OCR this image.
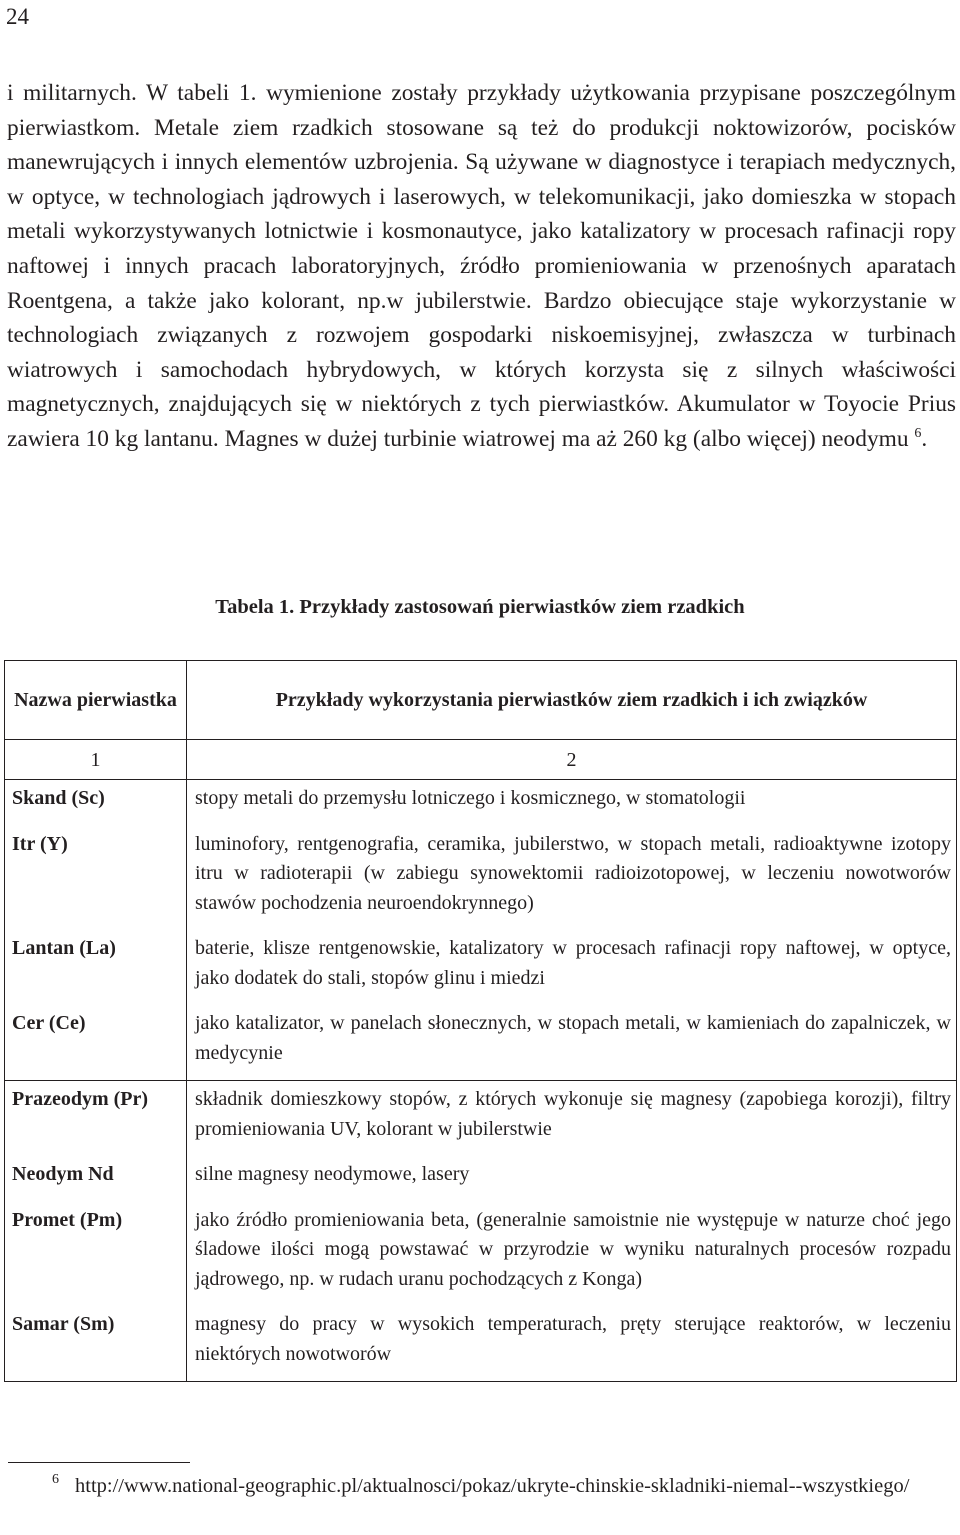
24

i militarnych. W tabeli 1. wymienione zostały przykłady użytkowania przypisane poszczególnym pierwiastkom. Metale ziem rzadkich stosowane są też do produkcji noktowizorów, pocisków manewrujących i innych elementów uzbrojenia. Są używane w diagnostyce i terapiach medycznych, w optyce, w technologiach jądrowych i laserowych, w telekomunikacji, jako domieszka w stopach metali wykorzystywanych lotnictwie i kosmonautyce, jako katalizatory w procesach rafinacji ropy naftowej i innych pracach laboratoryjnych, źródło promieniowania w przenośnych aparatach Roentgena, a także jako kolorant, np.w jubilerstwie. Bardzo obiecujące staje wykorzystanie w technologiach związanych z rozwojem gospodarki niskoemisyjnej, zwłaszcza w turbinach wiatrowych i samochodach hybrydowych, w których korzysta się z silnych właściwości magnetycznych, znajdujących się w niektórych z tych pierwiastków. Akumulator w Toyocie Prius zawiera 10 kg lantanu. Magnes w dużej turbinie wiatrowej ma aż 260 kg (albo więcej) neodymu $^6$.

Tabela 1. Przykłady zastosowań pierwiastków ziem rzadkich
Nazwa pierwiastka	Przykłady wykorzystania pierwiastków ziem rzadkich i ich związków
1	2
Skand (Sc)	stopy metali do przemysłu lotniczego i kosmicznego, w stomatologii
Itr (Y)	luminofory, rentgenografia, ceramika, jubilerstwo, w stopach metali, radioaktywne izotopy itru w radioterapii (w zabiegu synowektomii radioizotopowej, w leczeniu nowotworów stawów pochodzenia neuroendokrynnego)
Lantan (La)	baterie, klisze rentgenowskie, katalizatory w procesach rafinacji ropy naftowej, w optyce, jako dodatek do stali, stopów glinu i miedzi
Cer (Ce)	jako katalizator, w panelach słonecznych, w stopach metali, w kamieniach do zapalniczek, w medycynie
Prazeodym (Pr)	składnik domieszkowy stopów, z których wykonuje się magnesy (zapobiega korozji), filtry promieniowania UV, kolorant w jubilerstwie
Neodym Nd	silne magnesy neodymowe, lasery
Promet (Pm)	jako źródło promieniowania beta, (generalnie samoistnie nie występuje w naturze choć jego śladowe ilości mogą powstawać w przyrodzie w wyniku naturalnych procesów rozpadu jądrowego, np. w rudach uranu pochodzących z Konga)
Samar (Sm)	magnesy do pracy w wysokich temperaturach, pręty sterujące reaktorów, w leczeniu niektórych nowotworów
$^6$ http://www.national-geographic.pl/aktualnosci/pokaz/ukryte-chinskie-skladniki-niemal--wszystkiego/
